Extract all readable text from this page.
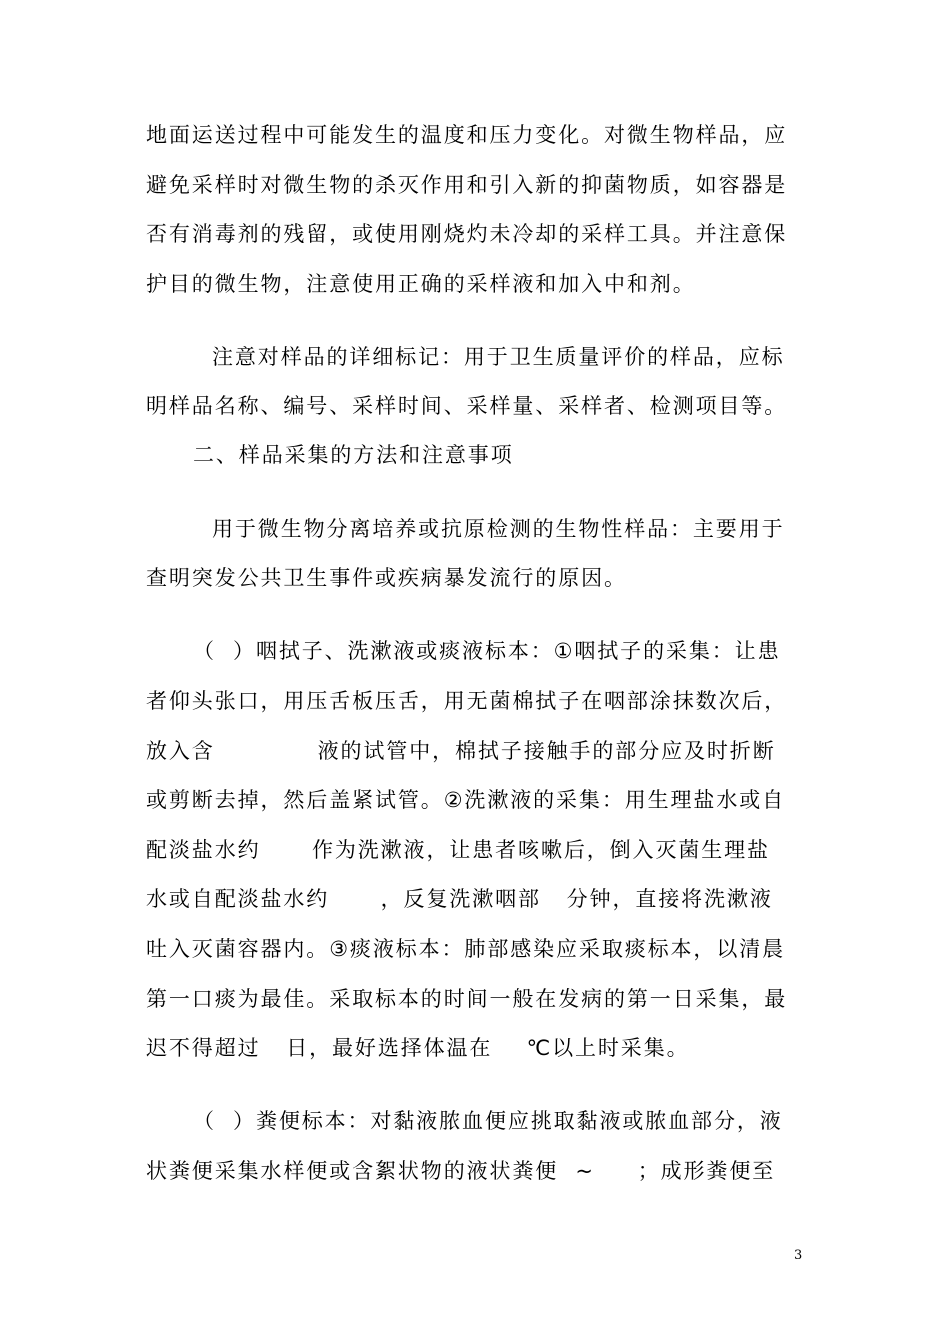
地面运送过程中可能发生的温度和压力变化。对微生物样品，应
避免采样时对微生物的杀灭作用和引入新的抑菌物质，如容器是
否有消毒剂的残留，或使用刚烧灼未冷却的采样工具。并注意保
护目的微生物，注意使用正确的采样液和加入中和剂。
注意对样品的详细标记：用于卫生质量评价的样品，应标
明样品名称、编号、采样时间、采样量、采样者、检测项目等。
二、样品采集的方法和注意事项
用于微生物分离培养或抗原检测的生物性样品：主要用于
查明突发公共卫生事件或疾病暴发流行的原因。
（  ）咽拭子、洗漱液或痰液标本：①咽拭子的采集：让患
者仰头张口，用压舌板压舌，用无菌棉拭子在咽部涂抹数次后，
放入含            液的试管中，棉拭子接触手的部分应及时折断
或剪断去掉，然后盖紧试管。②洗漱液的采集：用生理盐水或自
配淡盐水约      作为洗漱液，让患者咳嗽后，倒入灭菌生理盐
水或自配淡盐水约      ，反复洗漱咽部   分钟，直接将洗漱液
吐入灭菌容器内。③痰液标本：肺部感染应采取痰标本，以清晨
第一口痰为最佳。采取标本的时间一般在发病的第一日采集，最
迟不得超过   日，最好选择体温在    ℃以上时采集。
（  ）粪便标本：对黏液脓血便应挑取黏液或脓血部分，液
状粪便采集水样便或含絮状物的液状粪便  ~     ；成形粪便至
3
